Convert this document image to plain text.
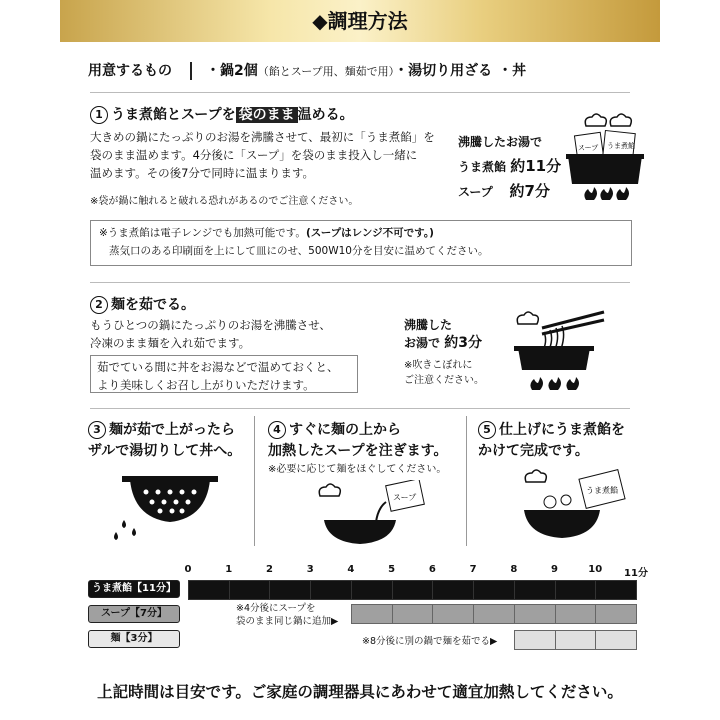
◆調理方法
用意するもの ・鍋2個（餡とスープ用、麺茹で用）・湯切り用ざる ・丼
1 うま煮餡とスープを 袋のまま 温める。
大きめの鍋にたっぷりのお湯を沸騰させて、最初に「うま煮餡」を
袋のまま温めます。4分後に「スープ」を袋のまま投入し一緒に
温めます。その後7分で同時に温まります。
※袋が鍋に触れると破れる恐れがあるのでご注意ください。
沸騰したお湯で
うま煮餡 約11分
スープ 約7分
スープ うま煮餡
※うま煮餡は電子レンジでも加熱可能です。(スープはレンジ不可です。)
蒸気口のある印刷面を上にして皿にのせ、500W10分を目安に温めてください。
2 麺を茹でる。
もうひとつの鍋にたっぷりのお湯を沸騰させ、
冷凍のまま麺を入れ茹でます。
茹でている間に丼をお湯などで温めておくと、
より美味しくお召し上がりいただけます。
沸騰した
お湯で 約3分
※吹きこぼれに
ご注意ください。
3 麺が茹で上がったら
ザルで湯切りして丼へ。
4 すぐに麺の上から
加熱したスープを注ぎます。
※必要に応じて麺をほぐしてください。
スープ
5 仕上げにうま煮餡を
かけて完成です。
うま煮餡
0	1	2	3	4	5	6	7	8	9	10	11分
うま煮餡【11分】
スープ【7分】
麺【3分】
※4分後にスープを
袋のまま同じ鍋に追加▶
※8分後に別の鍋で麺を茹でる▶
上記時間は目安です。ご家庭の調理器具にあわせて適宜加熱してください。
